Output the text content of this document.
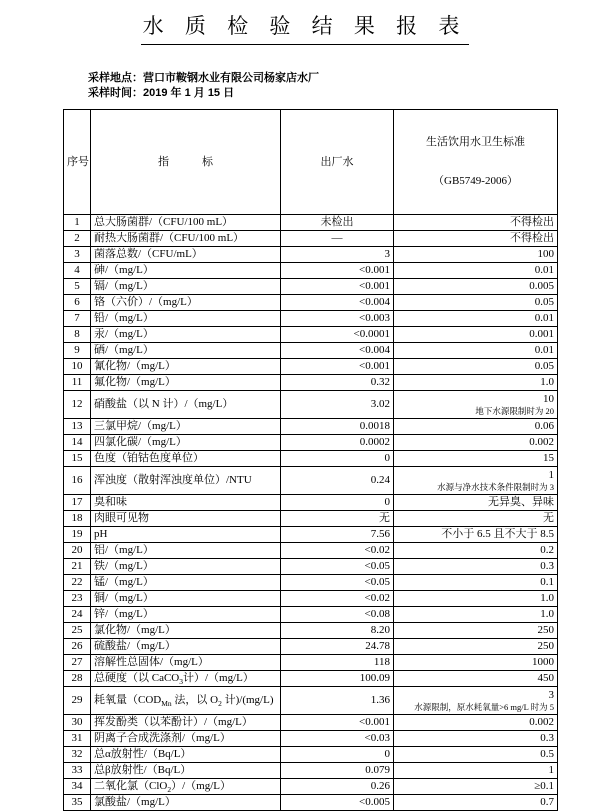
水 质 检 验 结 果 报 表
采样地点：营口市鞍钢水业有限公司杨家店水厂
采样时间：2019 年 1 月 15 日
序号	指　　　标	出厂水	生活饮用水卫生标准

（GB5749-2006）

1	总大肠菌群/（CFU/100 mL）	未检出	不得检出

2	耐热大肠菌群/（CFU/100 mL）	—	不得检出

3	菌落总数/（CFU/mL）	3	100

4	砷/（mg/L）	<0.001	0.01

5	镉/（mg/L）	<0.001	0.005

6	铬（六价）/（mg/L）	<0.004	0.05

7	铅/（mg/L）	<0.003	0.01

8	汞/（mg/L）	<0.0001	0.001

9	硒/（mg/L）	<0.004	0.01

10	氰化物/（mg/L）	<0.001	0.05

11	氟化物/（mg/L）	0.32	1.0

12	硝酸盐（以 N 计）/（mg/L）	3.02	10
地下水源限制时为 20

13	三氯甲烷/（mg/L）	0.0018	0.06

14	四氯化碳/（mg/L）	0.0002	0.002

15	色度（铂钴色度单位）	0	15

16	浑浊度（散射浑浊度单位）/NTU	0.24	1
水源与净水技术条件限制时为 3

17	臭和味	0	无异臭、异味

18	肉眼可见物	无	无

19	pH	7.56	不小于 6.5 且不大于 8.5

20	铝/（mg/L）	<0.02	0.2

21	铁/（mg/L）	<0.05	0.3

22	锰/（mg/L）	<0.05	0.1

23	铜/（mg/L）	<0.02	1.0

24	锌/（mg/L）	<0.08	1.0

25	氯化物/（mg/L）	8.20	250

26	硫酸盐/（mg/L）	24.78	250

27	溶解性总固体/（mg/L）	118	1000

28	总硬度（以 CaCO$_3$计）/（mg/L）	100.09	450

29	耗氧量（$COD_{Mn}$ 法，以 $O_2$ 计)/(mg/L)	1.36	3
水源限制，原水耗氧量>6 mg/L 时为 5

30	挥发酚类（以苯酚计）/（mg/L）	<0.001	0.002

31	阴离子合成洗涤剂/（mg/L）	<0.03	0.3

32	总α放射性/（Bq/L）	0	0.5

33	总β放射性/（Bq/L）	0.079	1

34	二氧化氯（ClO$_2$）/（mg/L）	0.26	≥0.1

35	氯酸盐/（mg/L）	<0.005	0.7
